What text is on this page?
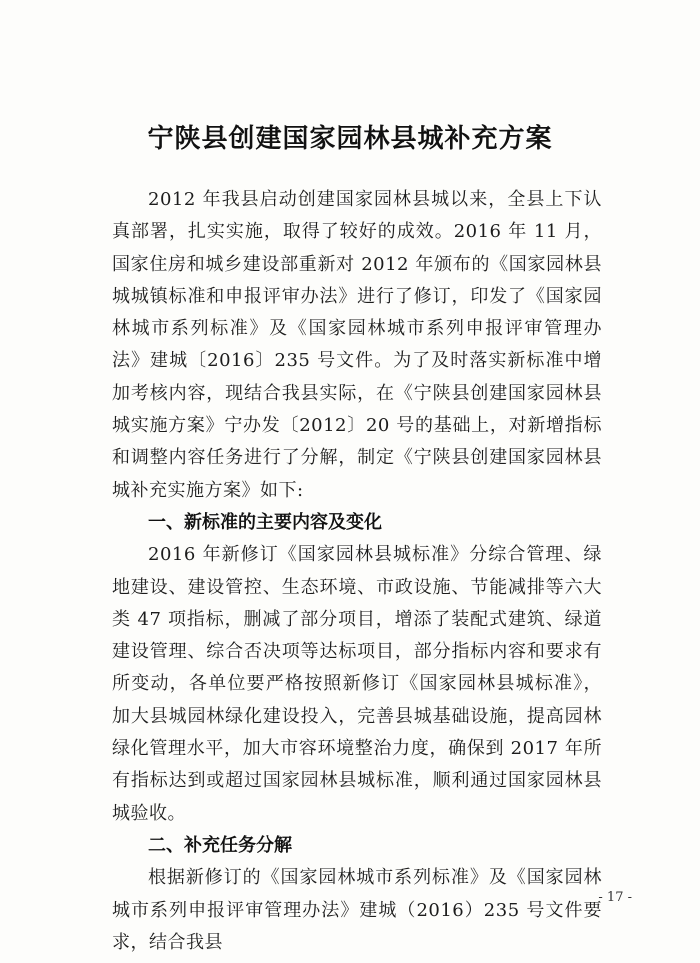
宁陕县创建国家园林县城补充方案

2012 年我县启动创建国家园林县城以来，全县上下认真部署，扎实实施，取得了较好的成效。2016 年 11 月，国家住房和城乡建设部重新对 2012 年颁布的《国家园林县城城镇标准和申报评审办法》进行了修订，印发了《国家园林城市系列标准》及《国家园林城市系列申报评审管理办法》建城〔2016〕235 号文件。为了及时落实新标准中增加考核内容，现结合我县实际，在《宁陕县创建国家园林县城实施方案》宁办发〔2012〕20 号的基础上，对新增指标和调整内容任务进行了分解，制定《宁陕县创建国家园林县城补充实施方案》如下:

一、新标准的主要内容及变化

2016 年新修订《国家园林县城标准》分综合管理、绿地建设、建设管控、生态环境、市政设施、节能减排等六大类 47 项指标，删减了部分项目，增添了装配式建筑、绿道建设管理、综合否决项等达标项目，部分指标内容和要求有所变动，各单位要严格按照新修订《国家园林县城标准》，加大县城园林绿化建设投入，完善县城基础设施，提高园林绿化管理水平，加大市容环境整治力度，确保到 2017 年所有指标达到或超过国家园林县城标准，顺利通过国家园林县城验收。

二、补充任务分解

根据新修订的《国家园林城市系列标准》及《国家园林城市系列申报评审管理办法》建城（2016）235 号文件要求，结合我县

- 17 -
